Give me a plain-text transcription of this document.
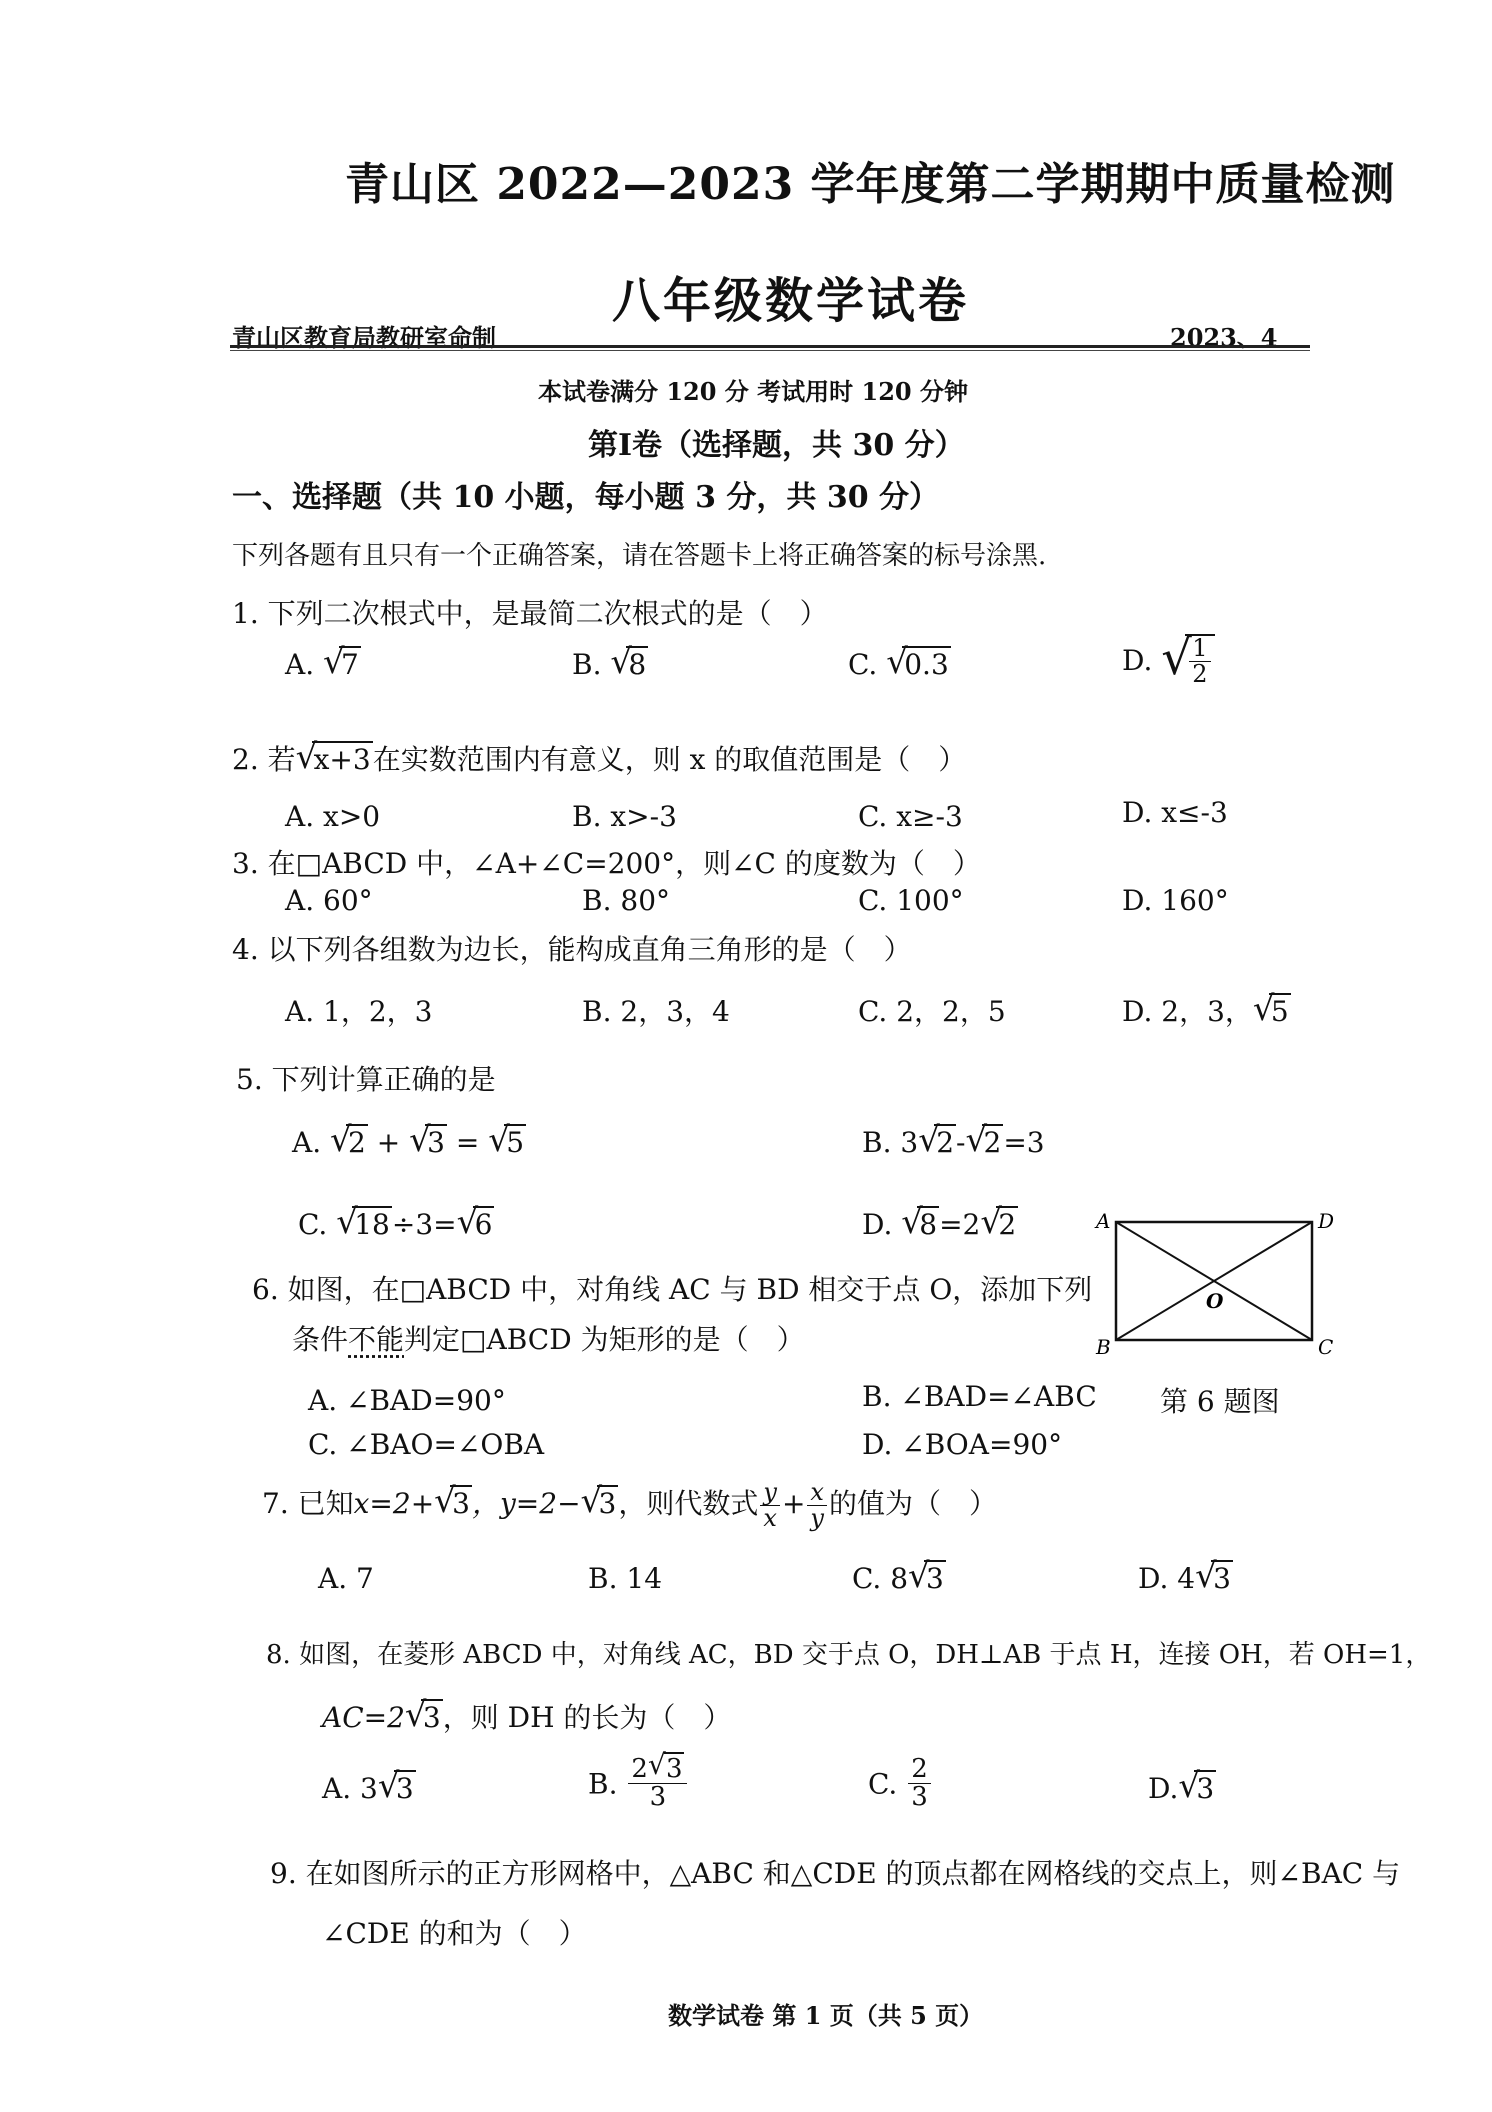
青山区 2022—2023 学年度第二学期期中质量检测
八年级数学试卷
青山区教育局教研室命制	2023、4
本试卷满分 120 分 考试用时 120 分钟
第Ⅰ卷（选择题，共 30 分）
一、选择题（共 10 小题，每小题 3 分，共 30 分）
下列各题有且只有一个正确答案，请在答题卡上将正确答案的标号涂黑.
1. 下列二次根式中，是最简二次根式的是（　）
A. √
7	B. √
8	C. √
0.3	D. √
$\frac{1}{2}$
2. 若 √
x+3在实数范围内有意义，则 x 的取值范围是（　）
A. x>0	B. x>-3	C. x≥-3	D. x≤-3
3. 在□ABCD 中，∠A+∠C=200°，则∠C 的度数为（　）
A. 60°	B. 80°	C. 100°	D. 160°
4. 以下列各组数为边长，能构成直角三角形的是（　）
A. 1，2，3	B. 2，3，4	C. 2，2，5	D. 2，3， √
5
5. 下列计算正确的是
A. √
2 + √
3 = √
5	B. 3 √
2- √
2=3
C. √
18÷3= √
6	D. √
8=2 √
2	A	D
B	C
O
6. 如图，在□ABCD 中，对角线 AC 与 BD 相交于点 O，添加下列
条件不能判定□ABCD 为矩形的是（　）
A. ∠BAD=90°	B. ∠BAD=∠ABC 第 6 题图
C. ∠BAO=∠OBA	D. ∠BOA=90°
7. 已知x=2+ √
3，y=2− √
3，则代数式 $\frac{y}{x} + \frac{x}{y}$ 的值为（　）
A. 7	B. 14	C. 8 √
3	D. 4 √
3
8. 如图，在菱形 ABCD 中，对角线 AC，BD 交于点 O，DH⊥AB 于点 H，连接 OH，若 OH=1，
AC=2 √
3，则 DH 的长为（　）
A. 3 √
3	B. $\frac{2 √ 3}{3}$	C. $\frac{2}{3}$	D. √
3
9. 在如图所示的正方形网格中，△ABC 和△CDE 的顶点都在网格线的交点上，则∠BAC 与
∠CDE 的和为（　）
数学试卷 第 1 页（共 5 页）
